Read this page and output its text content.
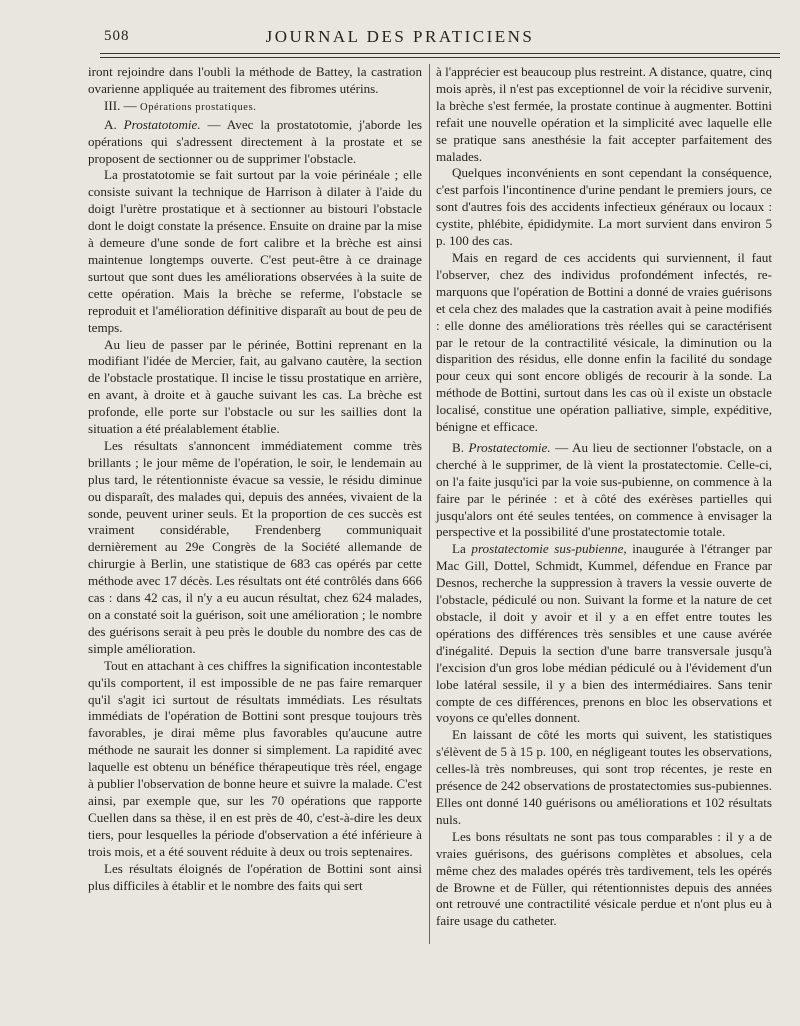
508	JOURNAL DES PRATICIENS

iront rejoindre dans l'oubli la méthode de Battey, la castration ovarienne appliquée au traitement des fibromes utérins.

III. — Opérations prostatiques.

A. Prostatotomie. — Avec la prostatotomie, j'aborde les opérations qui s'adressent directement à la prostate et se proposent de sectionner ou de supprimer l'obstacle.

La prostatotomie se fait surtout par la voie périnéale ; elle consiste suivant la technique de Harrison à dilater à l'aide du doigt l'urètre prostatique et à sectionner au bistouri l'obstacle dont le doigt constate la présence. Ensuite on draine par la mise à demeure d'une sonde de fort calibre et la brèche est ainsi maintenue longtemps ouverte. C'est peut-être à ce drainage surtout que sont dues les améliorations observées à la suite de cette opération. Mais la brèche se referme, l'obstacle se reproduit et l'amélioration définitive disparaît au bout de peu de temps.

Au lieu de passer par le périnée, Bottini reprenant en la modifiant l'idée de Mercier, fait, au galvano cautère, la section de l'obstacle prostatique. Il incise le tissu prostatique en arrière, en avant, à droite et à gauche suivant les cas. La brèche est profonde, elle porte sur l'obstacle ou sur les saillies dont la situation a été préalablement établie.

Les résultats s'annoncent immédiatement comme très brillants ; le jour même de l'opération, le soir, le lendemain au plus tard, le rétentionniste évacue sa vessie, le résidu diminue ou disparaît, des malades qui, depuis des années, vivaient de la sonde, peuvent uriner seuls. Et la proportion de ces succès est vraiment considérable, Frendenberg communiquait dernièrement au 29e Congrès de la Société allemande de chirurgie à Berlin, une statistique de 683 cas opérés par cette méthode avec 17 décès. Les résultats ont été contrôlés dans 666 cas : dans 42 cas, il n'y a eu aucun résultat, chez 624 malades, on a constaté soit la guérison, soit une amélioration ; le nombre des guérisons serait à peu près le double du nombre des cas de simple amélioration.

Tout en attachant à ces chiffres la signification incontestable qu'ils comportent, il est impossible de ne pas faire remarquer qu'il s'agit ici surtout de résultats immédiats. Les résultats immédiats de l'opération de Bottini sont presque toujours très favorables, je dirai même plus favorables qu'aucune autre méthode ne saurait les donner si simplement. La rapidité avec laquelle est obtenu un bénéfice thérapeutique très réel, engage à publier l'observation de bonne heure et suivre la malade. C'est ainsi, par exemple que, sur les 70 opérations que rapporte Cuellen dans sa thèse, il en est près de 40, c'est-à-dire les deux tiers, pour lesquelles la période d'observation a été inférieure à trois mois, et a été souvent réduite à deux ou trois septenaires.

Les résultats éloignés de l'opération de Bottini sont ainsi plus difficiles à établir et le nombre des faits qui sert

à l'apprécier est beaucoup plus restreint. A distance, quatre, cinq mois après, il n'est pas exceptionnel de voir la récidive survenir, la brèche s'est fermée, la prostate continue à augmenter. Bottini refait une nouvelle opération et la simplicité avec laquelle elle se pratique sans anesthésie la fait accepter parfaitement des malades.

Quelques inconvénients en sont cependant la conséquence, c'est parfois l'incontinence d'urine pendant le premiers jours, ce sont d'autres fois des accidents infectieux généraux ou locaux : cystite, phlébite, épididymite. La mort survient dans environ 5 p. 100 des cas.

Mais en regard de ces accidents qui surviennent, il faut l'observer, chez des individus profondément infectés, remarquons que l'opération de Bottini a donné de vraies guérisons et cela chez des malades que la castration avait à peine modifiés : elle donne des améliorations très réelles qui se caractérisent par le retour de la contractilité vésicale, la diminution ou la disparition des résidus, elle donne enfin la facilité du sondage pour ceux qui sont encore obligés de recourir à la sonde. La méthode de Bottini, surtout dans les cas où il existe un obstacle localisé, constitue une opération palliative, simple, expéditive, bénigne et efficace.

B. Prostatectomie. — Au lieu de sectionner l'obstacle, on a cherché à le supprimer, de là vient la prostatectomie. Celle-ci, on l'a faite jusqu'ici par la voie sus-pubienne, on commence à la faire par le périnée : et à côté des exérèses partielles qui jusqu'alors ont été seules tentées, on commence à envisager la perspective et la possibilité d'une prostatectomie totale.

La prostatectomie sus-pubienne, inaugurée à l'étranger par Mac Gill, Dottel, Schmidt, Kummel, défendue en France par Desnos, recherche la suppression à travers la vessie ouverte de l'obstacle, pédiculé ou non. Suivant la forme et la nature de cet obstacle, il doit y avoir et il y a en effet entre toutes les opérations des différences très sensibles et une cause avérée d'inégalité. Depuis la section d'une barre transversale jusqu'à l'excision d'un gros lobe médian pédiculé ou à l'évidement d'un lobe latéral sessile, il y a bien des intermédiaires. Sans tenir compte de ces différences, prenons en bloc les observations et voyons ce qu'elles donnent.

En laissant de côté les morts qui suivent, les statistiques s'élèvent de 5 à 15 p. 100, en négligeant toutes les observations, celles-là très nombreuses, qui sont trop récentes, je reste en présence de 242 observations de prostatectomies sus-pubiennes. Elles ont donné 140 guérisons ou améliorations et 102 résultats nuls.

Les bons résultats ne sont pas tous comparables : il y a de vraies guérisons, des guérisons complètes et absolues, cela même chez des malades opérés très tardivement, tels les opérés de Browne et de Füller, qui rétentionnistes depuis des années ont retrouvé une contractilité vésicale perdue et n'ont plus eu à faire usage du catheter.
